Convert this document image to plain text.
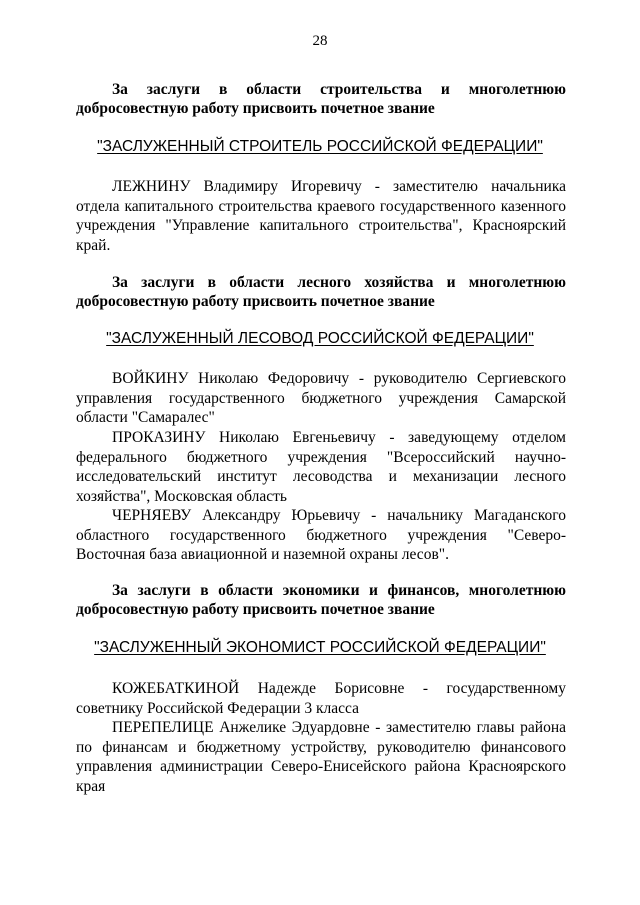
28
За заслуги в области строительства и многолетнюю
добросовестную работу присвоить почетное звание
"ЗАСЛУЖЕННЫЙ СТРОИТЕЛЬ РОССИЙСКОЙ ФЕДЕРАЦИИ"
ЛЕЖНИНУ Владимиру Игоревичу - заместителю начальника отдела капитального строительства краевого государственного казенного учреждения "Управление капитального строительства", Красноярский край.
За заслуги в области лесного хозяйства и многолетнюю
добросовестную работу присвоить почетное звание
"ЗАСЛУЖЕННЫЙ ЛЕСОВОД РОССИЙСКОЙ ФЕДЕРАЦИИ"
ВОЙКИНУ Николаю Федоровичу - руководителю Сергиевского управления государственного бюджетного учреждения Самарской области "Самаралес"
ПРОКАЗИНУ Николаю Евгеньевичу - заведующему отделом федерального бюджетного учреждения "Всероссийский научно-исследовательский институт лесоводства и механизации лесного хозяйства", Московская область
ЧЕРНЯЕВУ Александру Юрьевичу - начальнику Магаданского областного государственного бюджетного учреждения "Северо-Восточная база авиационной и наземной охраны лесов".
За заслуги в области экономики и финансов, многолетнюю
добросовестную работу присвоить почетное звание
"ЗАСЛУЖЕННЫЙ ЭКОНОМИСТ РОССИЙСКОЙ ФЕДЕРАЦИИ"
КОЖЕБАТКИНОЙ Надежде Борисовне - государственному советнику Российской Федерации 3 класса
ПЕРЕПЕЛИЦЕ Анжелике Эдуардовне - заместителю главы района по финансам и бюджетному устройству, руководителю финансового управления администрации Северо-Енисейского района Красноярского края
